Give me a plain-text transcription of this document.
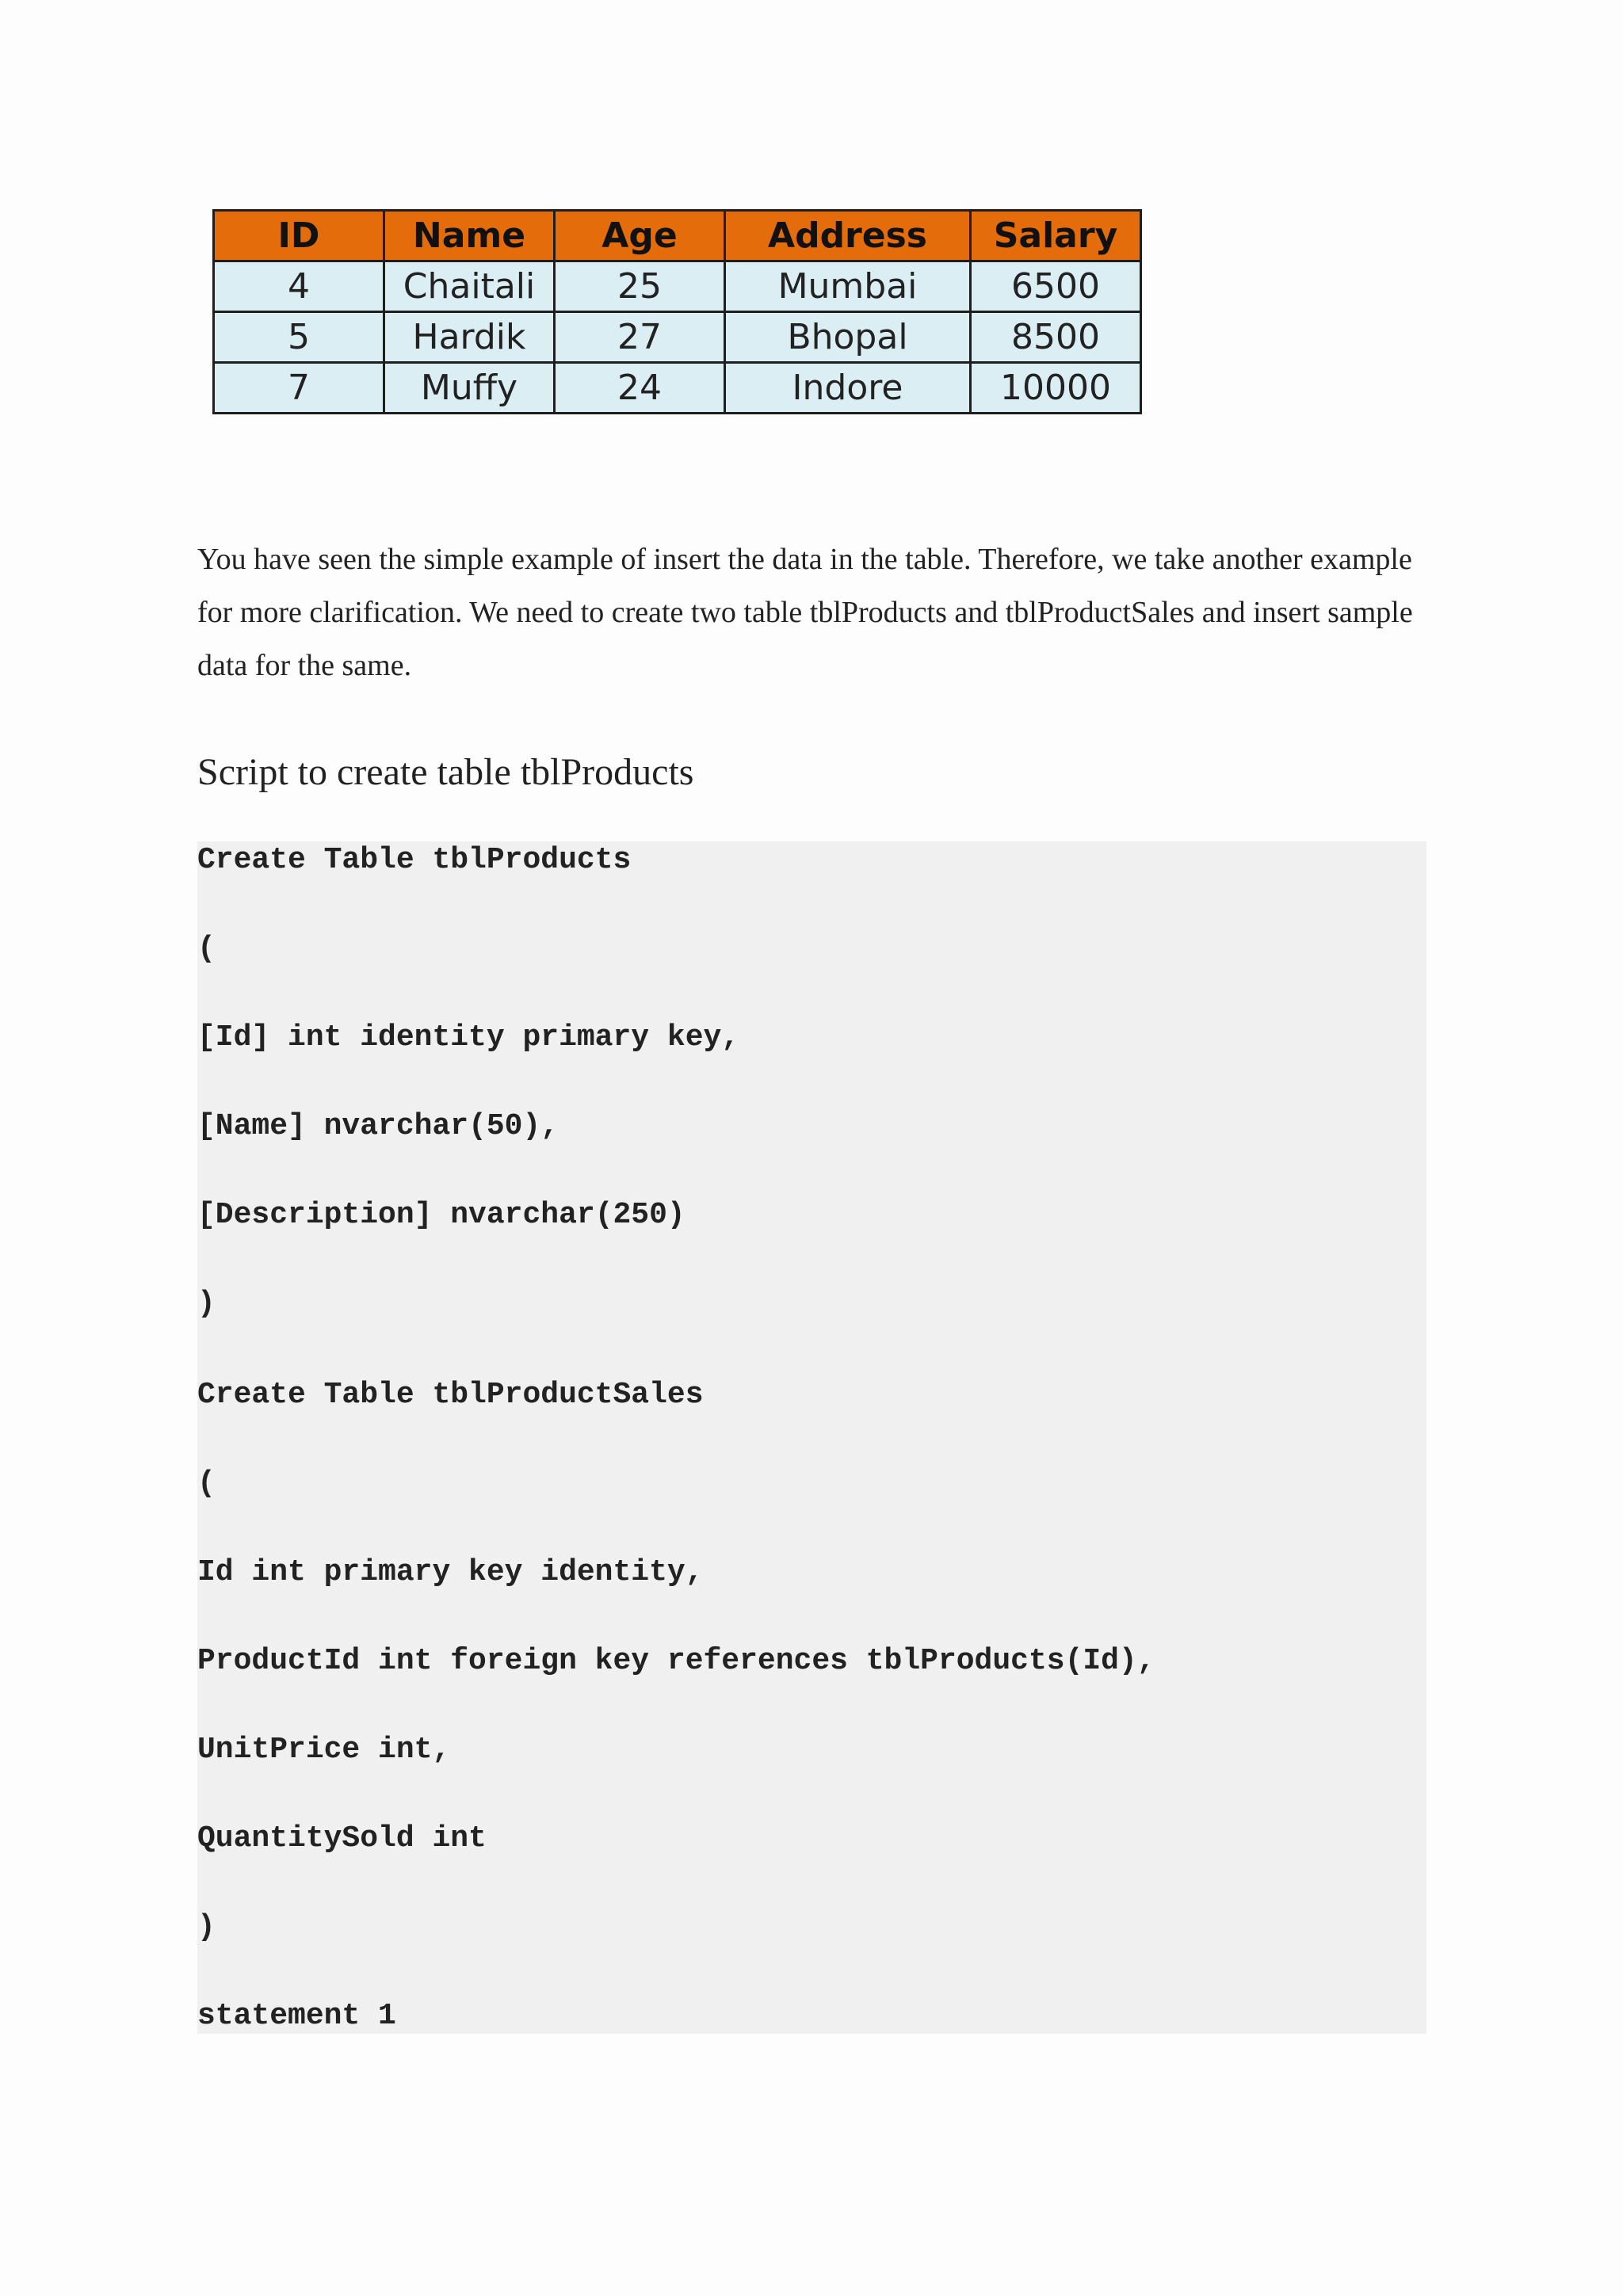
ID	Name	Age	Address	Salary
4	Chaitali	25	Mumbai	6500
5	Hardik	27	Bhopal	8500
7	Muffy	24	Indore	10000

You have seen the simple example of insert the data in the table. Therefore, we take another example for more clarification. We need to create two table tblProducts and tblProductSales and insert sample data for the same.

Script to create table tblProducts
Create Table tblProducts
(
[Id] int identity primary key,
[Name] nvarchar(50),
[Description] nvarchar(250)
)
Create Table tblProductSales
(
Id int primary key identity,
ProductId int foreign key references tblProducts(Id),
UnitPrice int,
QuantitySold int
)
statement 1
